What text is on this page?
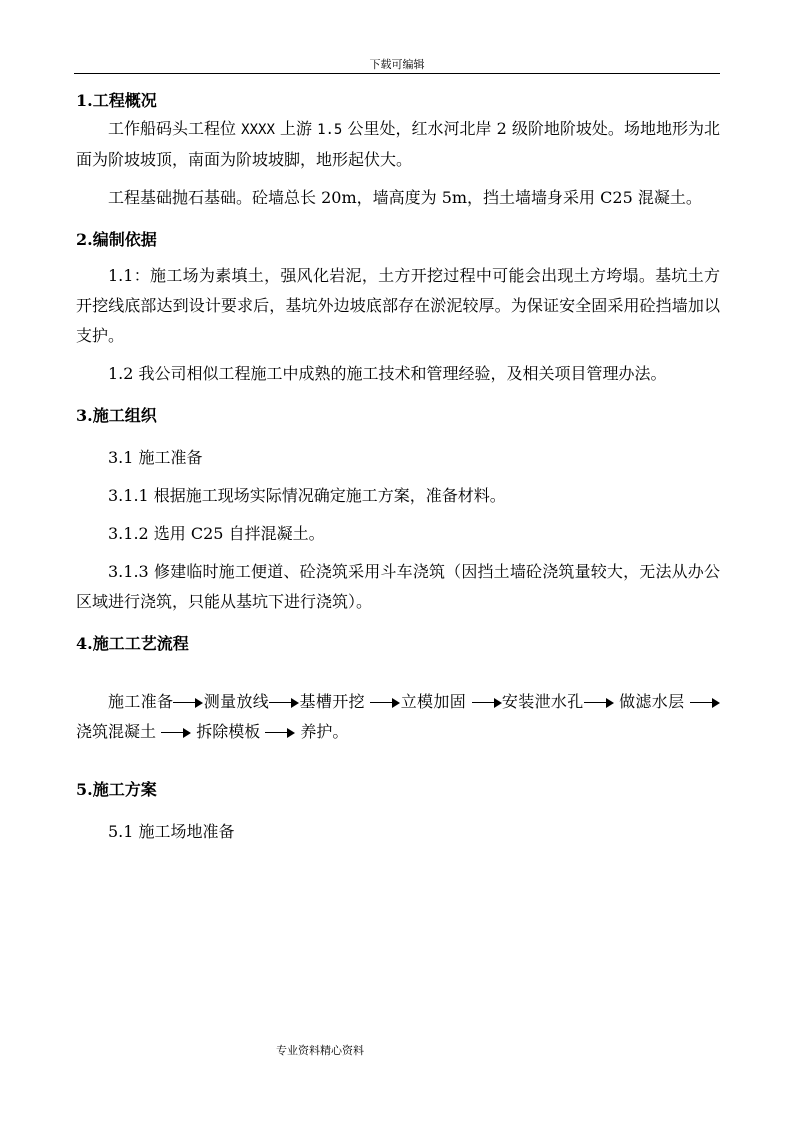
下载可编辑

1.工程概况

工作船码头工程位 XXXX 上游 1.5 公里处，红水河北岸 2 级阶地阶坡处。场地地形为北面为阶坡坡顶，南面为阶坡坡脚，地形起伏大。

工程基础抛石基础。砼墙总长 20m，墙高度为 5m，挡土墙墙身采用 C25 混凝土。

2.编制依据

1.1：施工场为素填土，强风化岩泥，土方开挖过程中可能会出现土方垮塌。基坑土方开挖线底部达到设计要求后，基坑外边坡底部存在淤泥较厚。为保证安全固采用砼挡墙加以支护。

1.2 我公司相似工程施工中成熟的施工技术和管理经验，及相关项目管理办法。

3.施工组织

3.1 施工准备

3.1.1 根据施工现场实际情况确定施工方案，准备材料。

3.1.2 选用 C25 自拌混凝土。

3.1.3 修建临时施工便道、砼浇筑采用斗车浇筑（因挡土墙砼浇筑量较大，无法从办公区域进行浇筑，只能从基坑下进行浇筑）。

4.施工工艺流程

施工准备 测量放线 基槽开挖 立模加固 安装泄水孔 做滤水层  浇筑混凝土	拆除模板	养护。

5.施工方案

5.1 施工场地准备

专业资料精心资料
